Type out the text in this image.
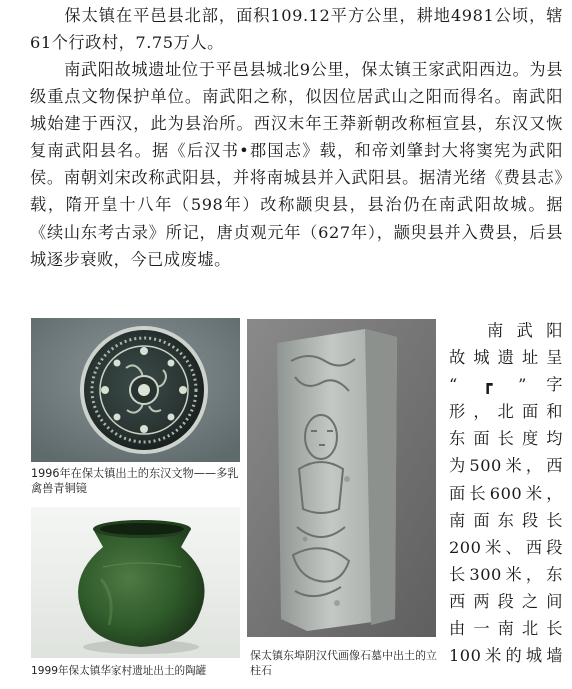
保太镇在平邑县北部，面积109.12平方公里，耕地4981公顷，辖 61个行政村，7.75万人。

南武阳故城遗址位于平邑县城北9公里，保太镇王家武阳西边。为县级重点文物保护单位。南武阳之称，似因位居武山之阳而得名。南武阳城始建于西汉，此为县治所。西汉末年王莽新朝改称桓宣县，东汉又恢复南武阳县名。据《后汉书•郡国志》载，和帝刘肇封大将窦宪为武阳侯。南朝刘宋改称武阳县，并将南城县并入武阳县。据清光绪《费县志》载，隋开皇十八年（598年）改称颛臾县，县治仍在南武阳故城。据《续山东考古录》所记，唐贞观元年（627年），颛臾县并入费县，后县城逐步衰败，今已成废墟。

1996年在保太镇出土的东汉文物——多乳禽兽青铜镜
1999年保太镇华家村遗址出土的陶罐
保太镇东埠阴汉代画像石墓中出土的立柱石
南武阳
故城遗址呈
“ ┏ ”字
形，北面和
东面长度均
为500米，西
面长600米，
南面东段长
200米、西段
长300米，东
西两段之间
由一南北长
100米的城墙
